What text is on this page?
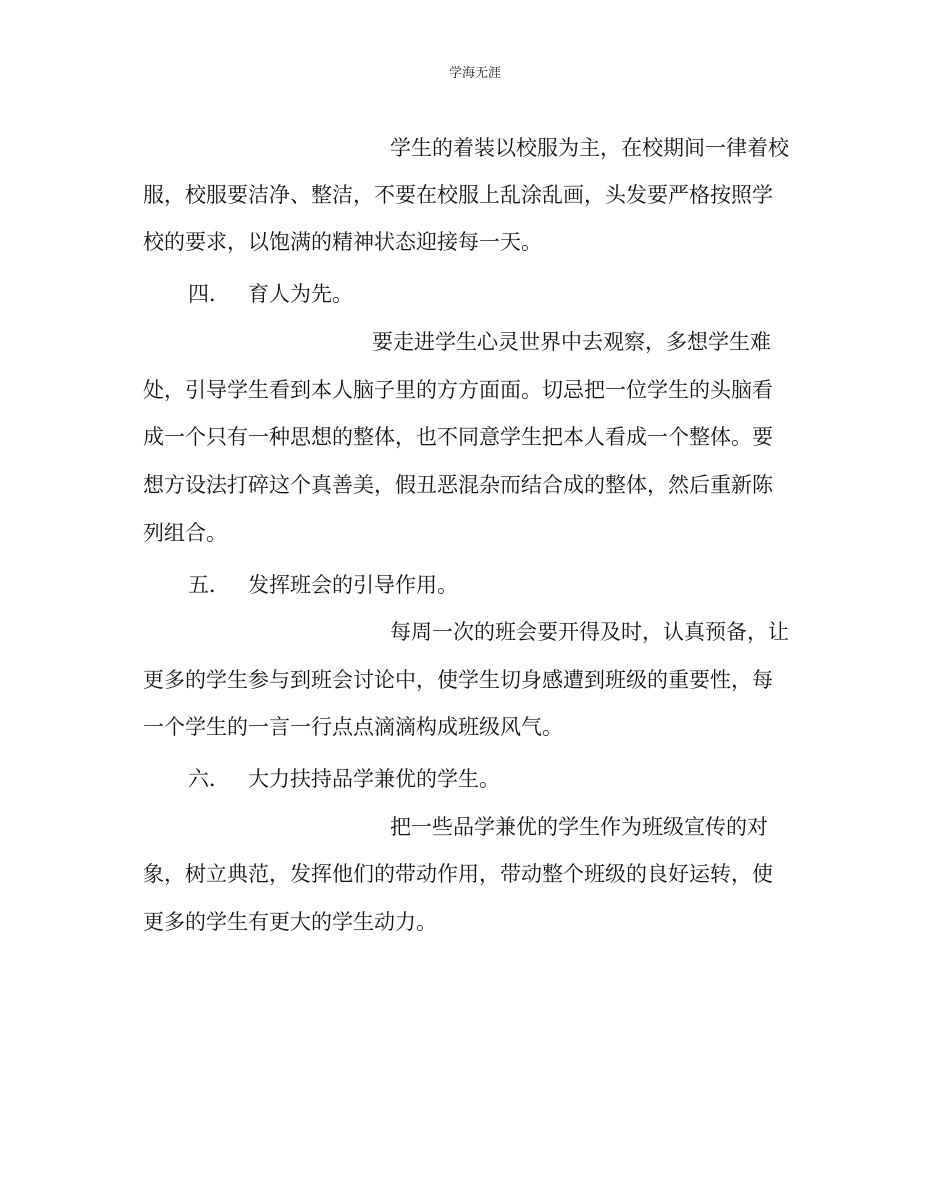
学海无涯
学生的着装以校服为主，在校期间一律着校
服，校服要洁净、整洁，不要在校服上乱涂乱画，头发要严格按照学
校的要求，以饱满的精神状态迎接每一天。
四． 育人为先。
要走进学生心灵世界中去观察，多想学生难
处，引导学生看到本人脑子里的方方面面。切忌把一位学生的头脑看
成一个只有一种思想的整体，也不同意学生把本人看成一个整体。要
想方设法打碎这个真善美，假丑恶混杂而结合成的整体，然后重新陈
列组合。
五． 发挥班会的引导作用。
每周一次的班会要开得及时，认真预备，让
更多的学生参与到班会讨论中，使学生切身感遭到班级的重要性，每
一个学生的一言一行点点滴滴构成班级风气。
六． 大力扶持品学兼优的学生。
把一些品学兼优的学生作为班级宣传的对
象，树立典范，发挥他们的带动作用，带动整个班级的良好运转，使
更多的学生有更大的学生动力。
